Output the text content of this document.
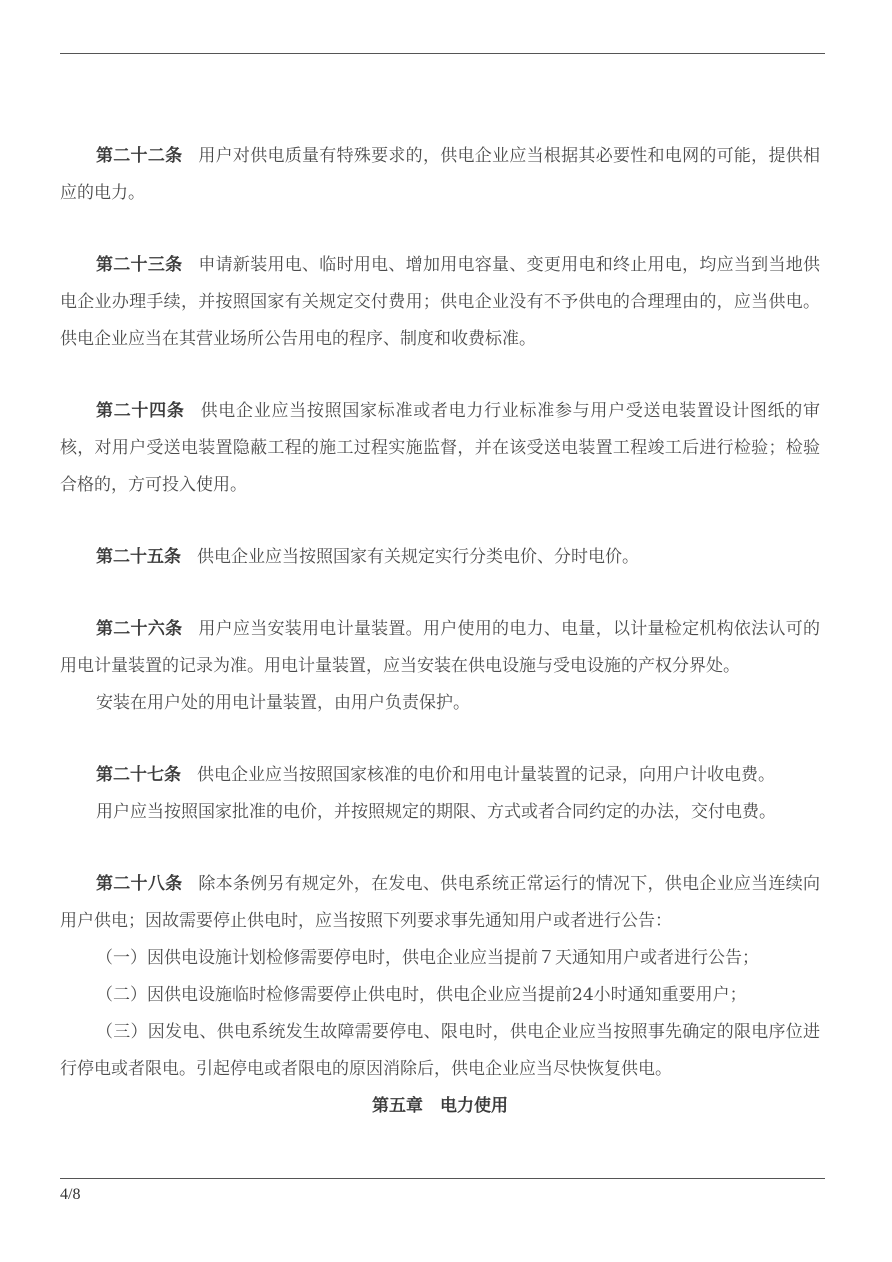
第二十二条 用户对供电质量有特殊要求的，供电企业应当根据其必要性和电网的可能，提供相应的电力。

第二十三条 申请新装用电、临时用电、增加用电容量、变更用电和终止用电，均应当到当地供电企业办理手续，并按照国家有关规定交付费用；供电企业没有不予供电的合理理由的，应当供电。供电企业应当在其营业场所公告用电的程序、制度和收费标准。

第二十四条 供电企业应当按照国家标准或者电力行业标准参与用户受送电装置设计图纸的审核，对用户受送电装置隐蔽工程的施工过程实施监督，并在该受送电装置工程竣工后进行检验；检验合格的，方可投入使用。

第二十五条 供电企业应当按照国家有关规定实行分类电价、分时电价。

第二十六条 用户应当安装用电计量装置。用户使用的电力、电量，以计量检定机构依法认可的用电计量装置的记录为准。用电计量装置，应当安装在供电设施与受电设施的产权分界处。

安装在用户处的用电计量装置，由用户负责保护。

第二十七条 供电企业应当按照国家核准的电价和用电计量装置的记录，向用户计收电费。

用户应当按照国家批准的电价，并按照规定的期限、方式或者合同约定的办法，交付电费。

第二十八条 除本条例另有规定外，在发电、供电系统正常运行的情况下，供电企业应当连续向用户供电；因故需要停止供电时，应当按照下列要求事先通知用户或者进行公告：

（一）因供电设施计划检修需要停电时，供电企业应当提前７天通知用户或者进行公告；

（二）因供电设施临时检修需要停止供电时，供电企业应当提前24小时通知重要用户；

（三）因发电、供电系统发生故障需要停电、限电时，供电企业应当按照事先确定的限电序位进行停电或者限电。引起停电或者限电的原因消除后，供电企业应当尽快恢复供电。

第五章　电力使用

4/8
